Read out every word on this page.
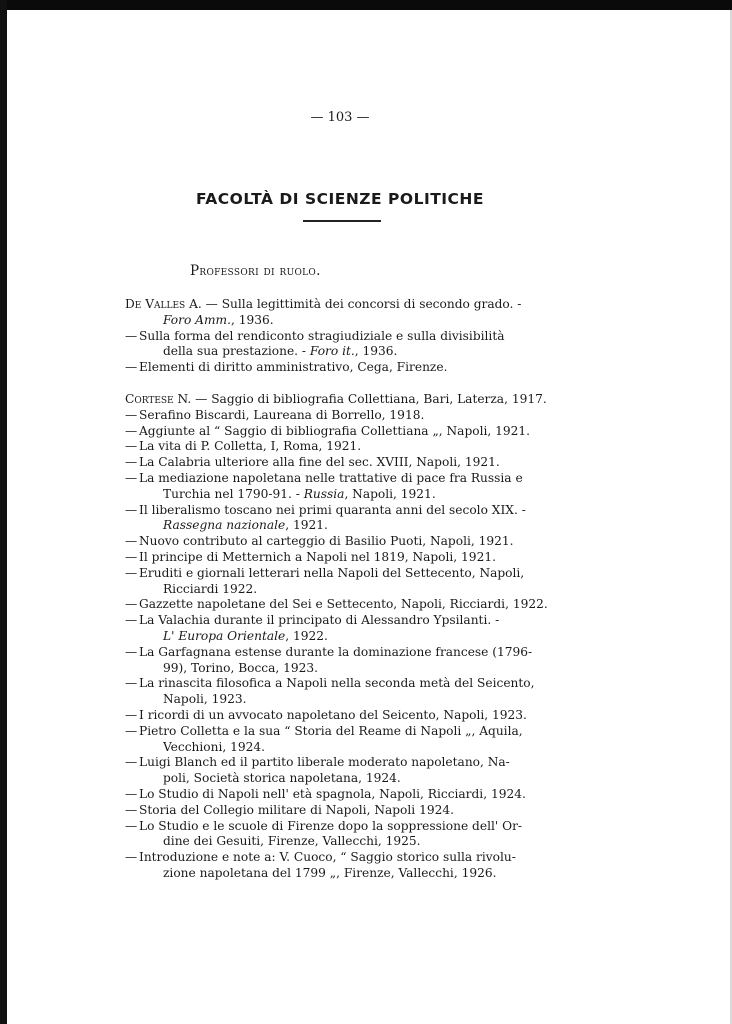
— 103 —
FACOLTÀ DI SCIENZE POLITICHE
Professori di ruolo.
De Valles A. — Sulla legittimità dei concorsi di secondo grado. -
Foro Amm., 1936.
— Sulla forma del rendiconto stragiudiziale e sulla divisibilità
della sua prestazione. - Foro it., 1936.
— Elementi di diritto amministrativo, Cega, Firenze.
Cortese N. — Saggio di bibliografia Collettiana, Bari, Laterza, 1917.
— Serafino Biscardi, Laureana di Borrello, 1918.
— Aggiunte al “ Saggio di bibliografia Collettiana „, Napoli, 1921.
— La vita di P. Colletta, I, Roma, 1921.
— La Calabria ulteriore alla fine del sec. XVIII, Napoli, 1921.
— La mediazione napoletana nelle trattative di pace fra Russia e
Turchia nel 1790-91. - Russia, Napoli, 1921.
— Il liberalismo toscano nei primi quaranta anni del secolo XIX. -
Rassegna nazionale, 1921.
— Nuovo contributo al carteggio di Basilio Puoti, Napoli, 1921.
— Il principe di Metternich a Napoli nel 1819, Napoli, 1921.
— Eruditi e giornali letterari nella Napoli del Settecento, Napoli,
Ricciardi 1922.
— Gazzette napoletane del Sei e Settecento, Napoli, Ricciardi, 1922.
— La Valachia durante il principato di Alessandro Ypsilanti. -
L' Europa Orientale, 1922.
— La Garfagnana estense durante la dominazione francese (1796-
99), Torino, Bocca, 1923.
— La rinascita filosofica a Napoli nella seconda metà del Seicento,
Napoli, 1923.
— I ricordi di un avvocato napoletano del Seicento, Napoli, 1923.
— Pietro Colletta e la sua “ Storia del Reame di Napoli „, Aquila,
Vecchioni, 1924.
— Luigi Blanch ed il partito liberale moderato napoletano, Na-
poli, Società storica napoletana, 1924.
— Lo Studio di Napoli nell' età spagnola, Napoli, Ricciardi, 1924.
— Storia del Collegio militare di Napoli, Napoli 1924.
— Lo Studio e le scuole di Firenze dopo la soppressione dell' Or-
dine dei Gesuiti, Firenze, Vallecchi, 1925.
— Introduzione e note a: V. Cuoco, “ Saggio storico sulla rivolu-
zione napoletana del 1799 „, Firenze, Vallecchi, 1926.
